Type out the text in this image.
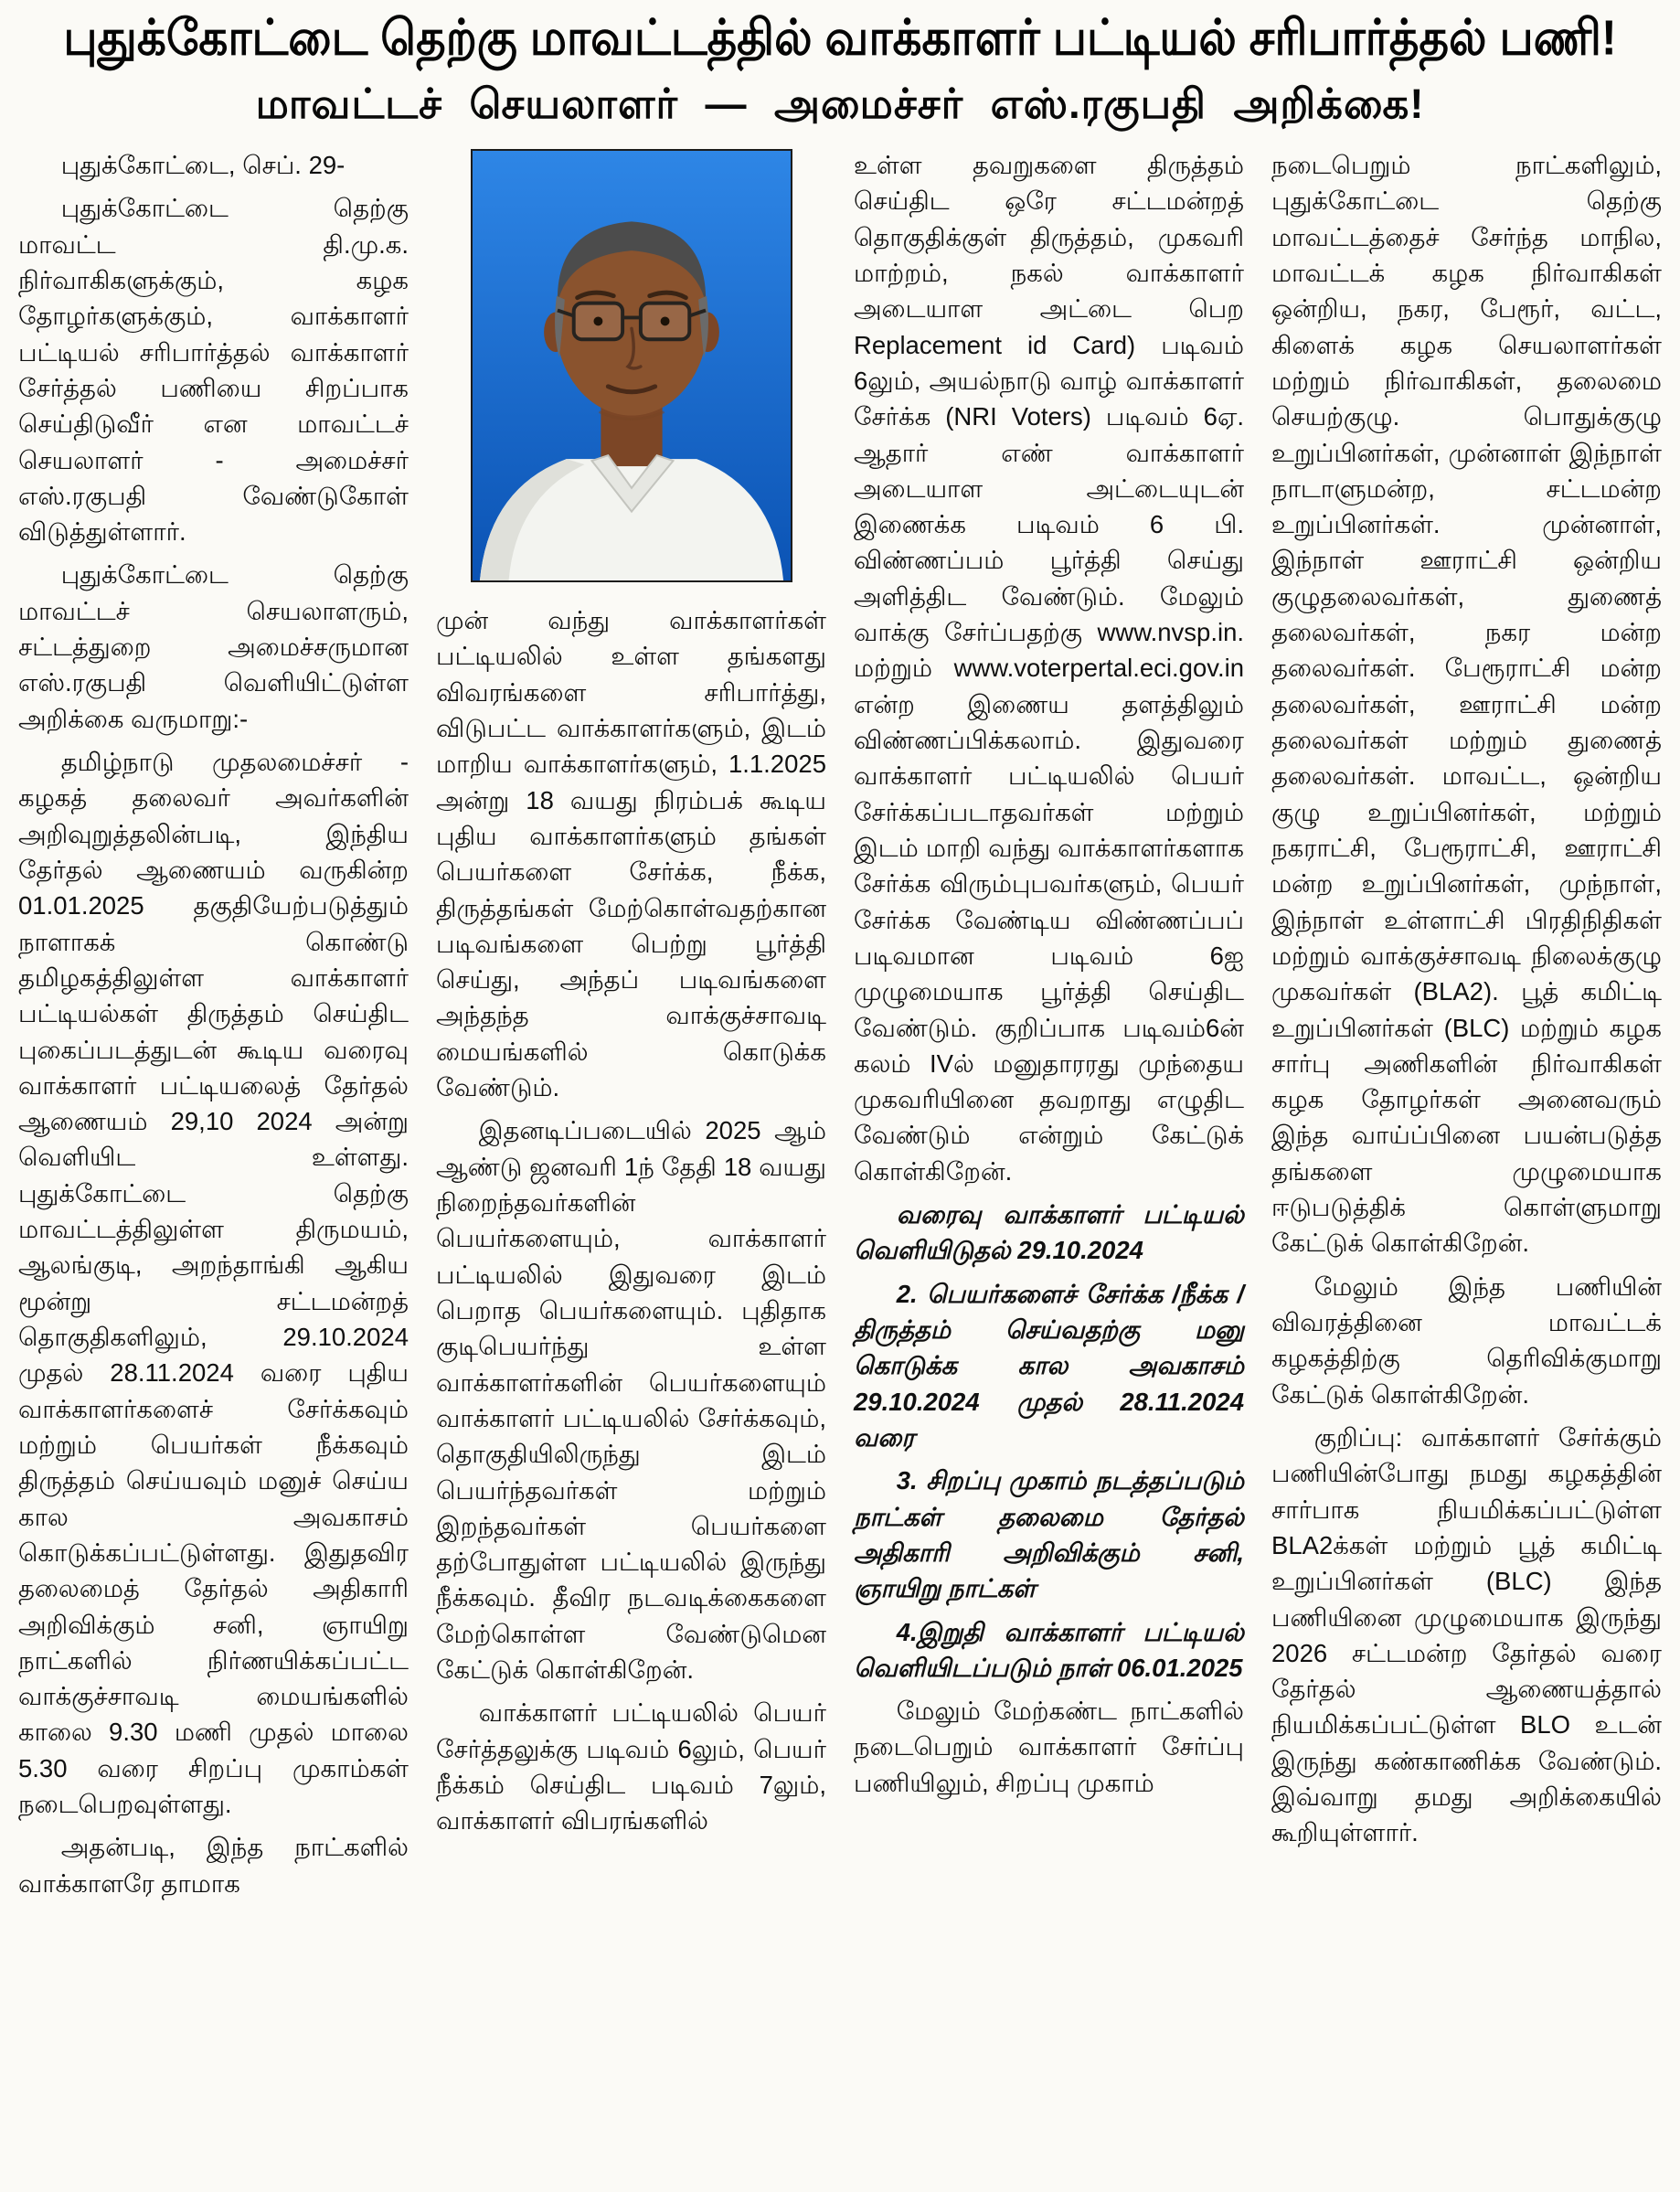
புதுக்கோட்டை தெற்கு மாவட்டத்தில் வாக்காளர் பட்டியல் சரிபார்த்தல் பணி!
மாவட்டச் செயலாளர் — அமைச்சர் எஸ்.ரகுபதி அறிக்கை!

புதுக்கோட்டை, செப். 29-

புதுக்கோட்டை தெற்கு மாவட்ட தி.மு.க. நிர்வாகிகளுக்கும், கழக தோழர்களுக்கும், வாக்காளர் பட்டியல் சரிபார்த்தல் வாக்காளர் சேர்த்தல் பணியை சிறப்பாக செய்திடுவீர் என மாவட்டச் செயலாளர் - அமைச்சர் எஸ்.ரகுபதி வேண்டுகோள் விடுத்துள்ளார்.

புதுக்கோட்டை தெற்கு மாவட்டச் செயலாளரும், சட்டத்துறை அமைச்சருமான எஸ்.ரகுபதி வெளியிட்டுள்ள அறிக்கை வருமாறு:-

தமிழ்நாடு முதலமைச்சர் - கழகத் தலைவர் அவர்களின் அறிவுறுத்தலின்படி, இந்திய தேர்தல் ஆணையம் வருகின்ற 01.01.2025 தகுதியேற்படுத்தும் நாளாகக் கொண்டு தமிழகத்திலுள்ள வாக்காளர் பட்டியல்கள் திருத்தம் செய்திட புகைப்படத்துடன் கூடிய வரைவு வாக்காளர் பட்டியலைத் தேர்தல் ஆணையம் 29,10 2024 அன்று வெளியிட உள்ளது. புதுக்கோட்டை தெற்கு மாவட்டத்திலுள்ள திருமயம், ஆலங்குடி, அறந்தாங்கி ஆகிய மூன்று சட்டமன்றத் தொகுதிகளிலும், 29.10.2024 முதல் 28.11.2024 வரை புதிய வாக்காளர்களைச் சேர்க்கவும் மற்றும் பெயர்கள் நீக்கவும் திருத்தம் செய்யவும் மனுச் செய்ய கால அவகாசம் கொடுக்கப்பட்டுள்ளது. இதுதவிர தலைமைத் தேர்தல் அதிகாரி அறிவிக்கும் சனி, ஞாயிறு நாட்களில் நிர்ணயிக்கப்பட்ட வாக்குச்சாவடி மையங்களில் காலை 9.30 மணி முதல் மாலை 5.30 வரை சிறப்பு முகாம்கள் நடைபெறவுள்ளது.

அதன்படி, இந்த நாட்களில் வாக்காளரே தாமாக

முன் வந்து வாக்காளர்கள் பட்டியலில் உள்ள தங்களது விவரங்களை சரிபார்த்து, விடுபட்ட வாக்காளர்களும், இடம் மாறிய வாக்காளர்களும், 1.1.2025 அன்று 18 வயது நிரம்பக் கூடிய புதிய வாக்காளர்களும் தங்கள் பெயர்களை சேர்க்க, நீக்க, திருத்தங்கள் மேற்கொள்வதற்கான படிவங்களை பெற்று பூர்த்தி செய்து, அந்தப் படிவங்களை அந்தந்த வாக்குச்சாவடி மையங்களில் கொடுக்க வேண்டும்.

இதனடிப்படையில் 2025 ஆம் ஆண்டு ஜனவரி 1ந் தேதி 18 வயது நிறைந்தவர்களின் பெயர்களையும், வாக்காளர் பட்டியலில் இதுவரை இடம் பெறாத பெயர்களையும். புதிதாக குடிபெயர்ந்து உள்ள வாக்காளர்களின் பெயர்களையும் வாக்காளர் பட்டியலில் சேர்க்கவும், தொகுதியிலிருந்து இடம் பெயர்ந்தவர்கள் மற்றும் இறந்தவர்கள் பெயர்களை தற்போதுள்ள பட்டியலில் இருந்து நீக்கவும். தீவிர நடவடிக்கைகளை மேற்கொள்ள வேண்டுமென கேட்டுக் கொள்கிறேன்.

வாக்காளர் பட்டியலில் பெயர் சேர்த்தலுக்கு படிவம் 6லும், பெயர் நீக்கம் செய்திட படிவம் 7லும், வாக்காளர் விபரங்களில்

உள்ள தவறுகளை திருத்தம் செய்திட ஒரே சட்டமன்றத் தொகுதிக்குள் திருத்தம், முகவரி மாற்றம், நகல் வாக்காளர் அடையாள அட்டை பெற Replacement id Card) படிவம் 6லும், அயல்நாடு வாழ் வாக்காளர் சேர்க்க (NRI Voters) படிவம் 6ஏ. ஆதார் எண் வாக்காளர் அடையாள அட்டையுடன் இணைக்க படிவம் 6 பி. விண்ணப்பம் பூர்த்தி செய்து அளித்திட வேண்டும். மேலும் வாக்கு சேர்ப்பதற்கு www.nvsp.in. மற்றும் www.voterpertal.eci.gov.in என்ற இணைய தளத்திலும் விண்ணப்பிக்கலாம். இதுவரை வாக்காளர் பட்டியலில் பெயர் சேர்க்கப்படாதவர்கள் மற்றும் இடம் மாறி வந்து வாக்காளர்களாக சேர்க்க விரும்புபவர்களும், பெயர் சேர்க்க வேண்டிய விண்ணப்பப் படிவமான படிவம் 6ஐ முழுமையாக பூர்த்தி செய்திட வேண்டும். குறிப்பாக படிவம்6ன் கலம் IVல் மனுதாரரது முந்தைய முகவரியினை தவறாது எழுதிட வேண்டும் என்றும் கேட்டுக் கொள்கிறேன்.

வரைவு வாக்காளர் பட்டியல் வெளியிடுதல் 29.10.2024

2. பெயர்களைச் சேர்க்க /நீக்க / திருத்தம் செய்வதற்கு மனு கொடுக்க கால அவகாசம் 29.10.2024 முதல் 28.11.2024 வரை

3. சிறப்பு முகாம் நடத்தப்படும் நாட்கள் தலைமை தேர்தல் அதிகாரி அறிவிக்கும் சனி, ஞாயிறு நாட்கள்

4.இறுதி வாக்காளர் பட்டியல் வெளியிடப்படும் நாள் 06.01.2025

மேலும் மேற்கண்ட நாட்களில் நடைபெறும் வாக்காளர் சேர்ப்பு பணியிலும், சிறப்பு முகாம்

நடைபெறும் நாட்களிலும், புதுக்கோட்டை தெற்கு மாவட்டத்தைச் சேர்ந்த மாநில, மாவட்டக் கழக நிர்வாகிகள் ஒன்றிய, நகர, பேரூர், வட்ட, கிளைக் கழக செயலாளர்கள் மற்றும் நிர்வாகிகள், தலைமை செயற்குழு. பொதுக்குழு உறுப்பினர்கள், முன்னாள் இந்நாள் நாடாளுமன்ற, சட்டமன்ற உறுப்பினர்கள். முன்னாள், இந்நாள் ஊராட்சி ஒன்றிய குழுதலைவர்கள், துணைத் தலைவர்கள், நகர மன்ற தலைவர்கள். பேரூராட்சி மன்ற தலைவர்கள், ஊராட்சி மன்ற தலைவர்கள் மற்றும் துணைத் தலைவர்கள். மாவட்ட, ஒன்றிய குழு உறுப்பினர்கள், மற்றும் நகராட்சி, பேரூராட்சி, ஊராட்சி மன்ற உறுப்பினர்கள், முந்நாள், இந்நாள் உள்ளாட்சி பிரதிநிதிகள் மற்றும் வாக்குச்சாவடி நிலைக்குழு முகவர்கள் (BLA2). பூத் கமிட்டி உறுப்பினர்கள் (BLC) மற்றும் கழக சார்பு அணிகளின் நிர்வாகிகள் கழக தோழர்கள் அனைவரும் இந்த வாய்ப்பினை பயன்படுத்த தங்களை முழுமையாக ஈடுபடுத்திக் கொள்ளுமாறு கேட்டுக் கொள்கிறேன்.

மேலும் இந்த பணியின் விவரத்தினை மாவட்டக் கழகத்திற்கு தெரிவிக்குமாறு கேட்டுக் கொள்கிறேன்.

குறிப்பு: வாக்காளர் சேர்க்கும் பணியின்போது நமது கழகத்தின் சார்பாக நியமிக்கப்பட்டுள்ள BLA2க்கள் மற்றும் பூத் கமிட்டி உறுப்பினர்கள் (BLC) இந்த பணியினை முழுமையாக இருந்து 2026 சட்டமன்ற தேர்தல் வரை தேர்தல் ஆணையத்தால் நியமிக்கப்பட்டுள்ள BLO உடன் இருந்து கண்காணிக்க வேண்டும். இவ்வாறு தமது அறிக்கையில் கூறியுள்ளார்.
